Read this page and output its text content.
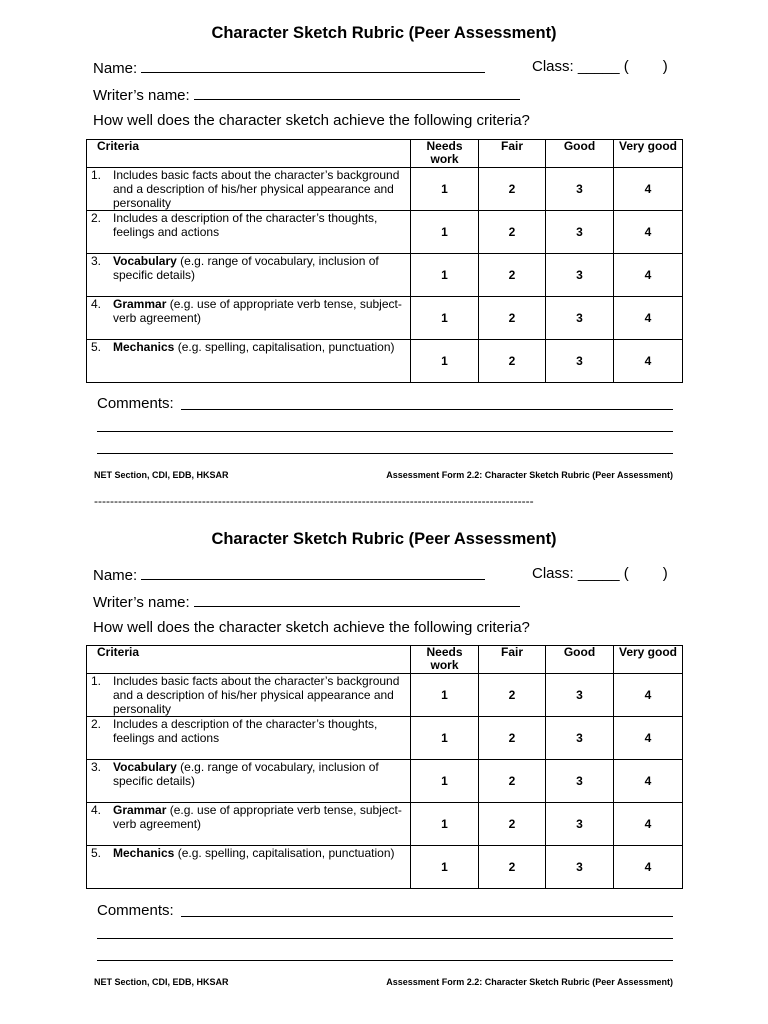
Character Sketch Rubric (Peer Assessment)
Name:	Class: _____ ( )
Writer’s name:
How well does the character sketch achieve the following criteria?
Criteria	Needs work	Fair	Good	Very good

1. Includes basic facts about the character’s background and a description of his/her physical appearance and personality	1	2	3	4

2. Includes a description of the character’s thoughts, feelings and actions	1	2	3	4

3. Vocabulary (e.g. range of vocabulary, inclusion of specific details)	1	2	3	4

4. Grammar (e.g. use of appropriate verb tense, subject-verb agreement)	1	2	3	4

5. Mechanics (e.g. spelling, capitalisation, punctuation)	1	2	3	4
Comments:
NET Section, CDI, EDB, HKSAR	Assessment Form 2.2: Character Sketch Rubric (Peer Assessment)
--------------------------------------------------------------------------------------------------------------
Character Sketch Rubric (Peer Assessment)
Name:	Class: _____ ( )
Writer’s name:
How well does the character sketch achieve the following criteria?
Criteria	Needs work	Fair	Good	Very good

1. Includes basic facts about the character’s background and a description of his/her physical appearance and personality	1	2	3	4

2. Includes a description of the character’s thoughts, feelings and actions	1	2	3	4

3. Vocabulary (e.g. range of vocabulary, inclusion of specific details)	1	2	3	4

4. Grammar (e.g. use of appropriate verb tense, subject-verb agreement)	1	2	3	4

5. Mechanics (e.g. spelling, capitalisation, punctuation)	1	2	3	4
Comments:
NET Section, CDI, EDB, HKSAR	Assessment Form 2.2: Character Sketch Rubric (Peer Assessment)
